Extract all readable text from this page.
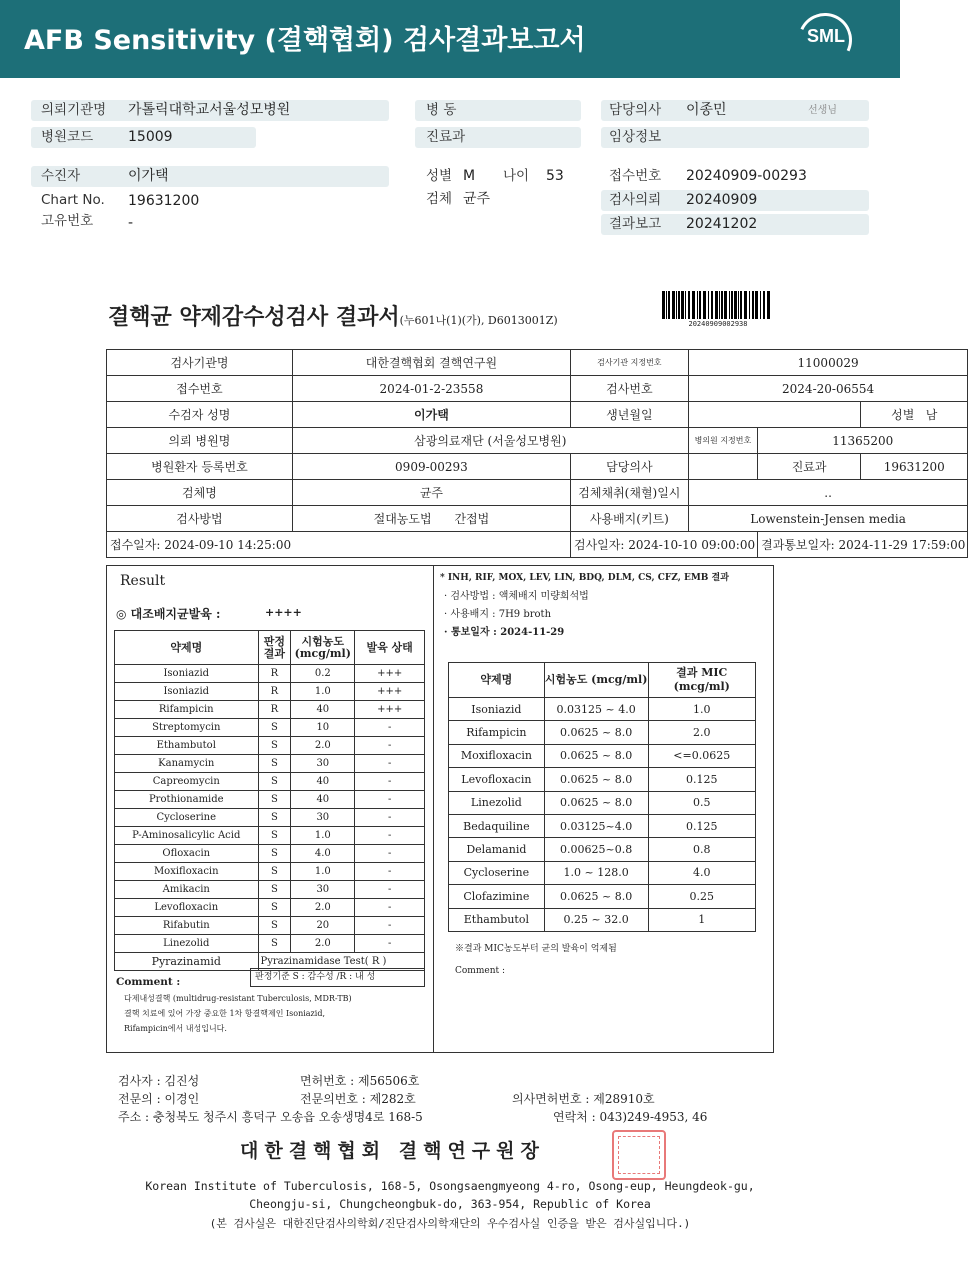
AFB Sensitivity (결핵협회) 검사결과보고서	SML
의뢰기관명 가톨릭대학교서울성모병원
병원코드 15009
병 동
진료과
담당의사 이종민	선생님
임상정보
수진자	이가택
Chart No. 19631200
고유번호 -
성별 M 나이 53
검체 균주
접수번호 20240909-00293
검사의뢰 20240909
결과보고 20241202
결핵균 약제감수성검사 결과서(누601나(1)(가), D6013001Z)	20240909002938
검사기관명	대한결핵협회 결핵연구원	검사기관 지정번호	11000029		
접수번호	2024-01-2-23558	검사번호	2024-20-06554		
수검자 성명	이가택	생년월일			성별 남
의뢰 병원명	삼광의료재단 (서울성모병원)		병의원 지정번호	11365200	
병원환자 등록번호	0909-00293	담당의사		진료과	19631200
검체명	균주	검체채취(채혈)일시	..		
검사방법	절대농도법 간접법	사용배지(키트)	Lowenstein-Jensen media		

접수일자: 2024-09-10 14:25:00		검사일자: 2024-10-10 09:00:00		결과통보일자: 2024-11-29 17:59:00	
Result
◎ 대조배지균발육 :	++++
약제명	판정 결과	시험농도 (mcg/ml)	발육 상태
Isoniazid	R	0.2	+++
Isoniazid	R	1.0	+++
Rifampicin	R	40	+++
Streptomycin	S	10	-
Ethambutol	S	2.0	-
Kanamycin	S	30	-
Capreomycin	S	40	-
Prothionamide	S	40	-
Cycloserine	S	30	-
P-Aminosalicylic Acid	S	1.0	-
Ofloxacin	S	4.0	-
Moxifloxacin	S	1.0	-
Amikacin	S	30	-
Levofloxacin	S	2.0	-
Rifabutin	S	20	-
Linezolid	S	2.0	-
Pyrazinamid	Pyrazinamidase Test( R )		
판정기준 S : 감수성 /R : 내 성
Comment :
다제내성결핵 (multidrug-resistant Tuberculosis, MDR-TB)
결핵 치료에 있어 가장 중요한 1차 항결핵제인 Isoniazid,
Rifampicin에서 내성입니다.
* INH, RIF, MOX, LEV, LIN, BDQ, DLM, CS, CFZ, EMB 결과
· 검사방법 : 액체배지 미량희석법
· 사용배지 : 7H9 broth
· 통보일자 : 2024-11-29
약제명	시험농도 (mcg/ml)	결과 MIC (mcg/ml)
Isoniazid	0.03125 ~ 4.0	1.0
Rifampicin	0.0625 ~ 8.0	2.0
Moxifloxacin	0.0625 ~ 8.0	<=0.0625
Levofloxacin	0.0625 ~ 8.0	0.125
Linezolid	0.0625 ~ 8.0	0.5
Bedaquiline	0.03125~4.0	0.125
Delamanid	0.00625~0.8	0.8
Cycloserine	1.0 ~ 128.0	4.0
Clofazimine	0.0625 ~ 8.0	0.25
Ethambutol	0.25 ~ 32.0	1
※결과 MIC농도부터 균의 발육이 억제됨
Comment :
검사자 : 김진성	면허번호 : 제56506호
전문의 : 이경인	전문의번호 : 제282호	의사면허번호 : 제28910호
주소 : 충청북도 청주시 흥덕구 오송읍 오송생명4로 168-5	연락처 : 043)249-4953, 46
대한결핵협회 결핵연구원장
Korean Institute of Tuberculosis, 168-5, Osongsaengmyeong 4-ro, Osong-eup, Heungdeok-gu,
Cheongju-si, Chungcheongbuk-do, 363-954, Republic of Korea
(본 검사실은 대한진단검사의학회/진단검사의학재단의 우수검사실 인증을 받은 검사실입니다.)
